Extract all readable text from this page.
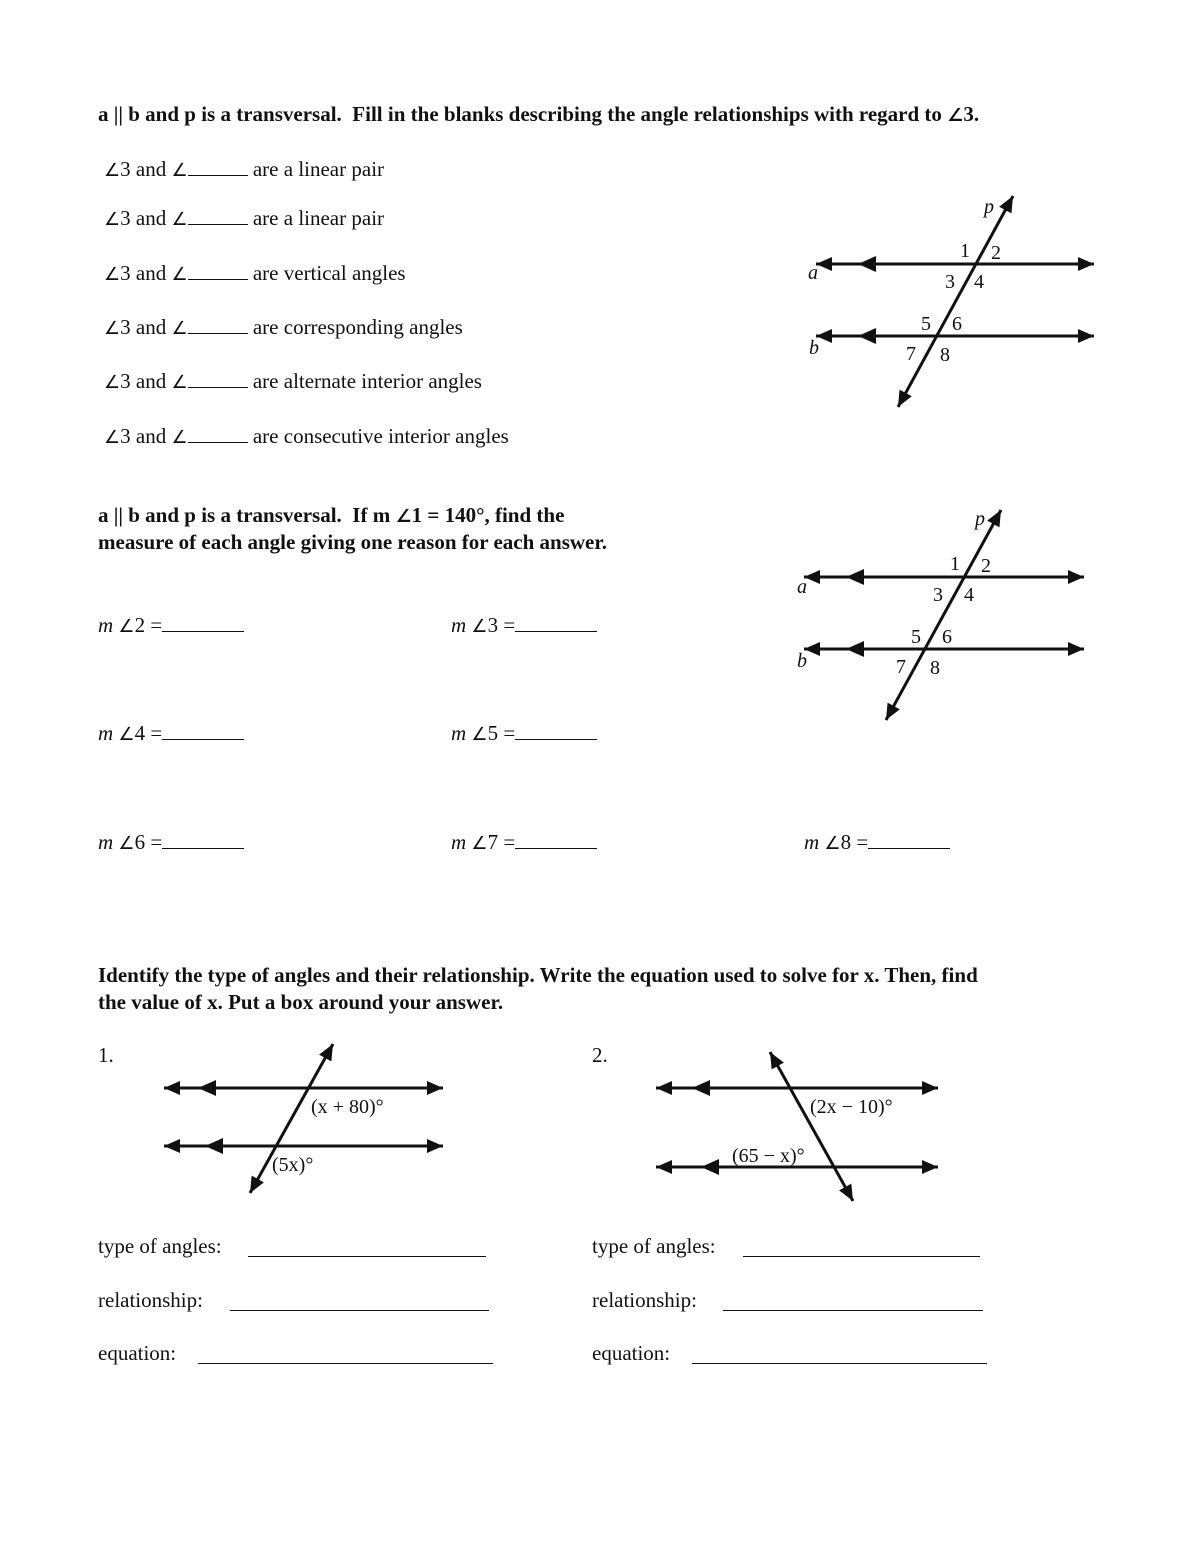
a || b and p is a transversal. Fill in the blanks describing the angle relationships with regard to ∠3.
∠3 and ∠	are a linear pair
∠3 and ∠	are a linear pair
∠3 and ∠	are vertical angles
∠3 and ∠	are corresponding angles
∠3 and ∠	are alternate interior angles
∠3 and ∠	are consecutive interior angles
p
a
b
1 2
3 4
5 6
7 8
p
a
b
1 2
3 4
5 6
7 8
(x + 80)°
(5x)°
(2x − 10)°
(65 − x)°
a || b and p is a transversal. If m ∠1 = 140°, find the
measure of each angle giving one reason for each answer.
m ∠2 =	m ∠3 =
m ∠4 =	m ∠5 =
m ∠6 =	m ∠7 =	m ∠8 =
Identify the type of angles and their relationship. Write the equation used to solve for x. Then, find
the value of x. Put a box around your answer.
1.	2.
type of angles:
relationship:
equation:
type of angles:
relationship:
equation:
